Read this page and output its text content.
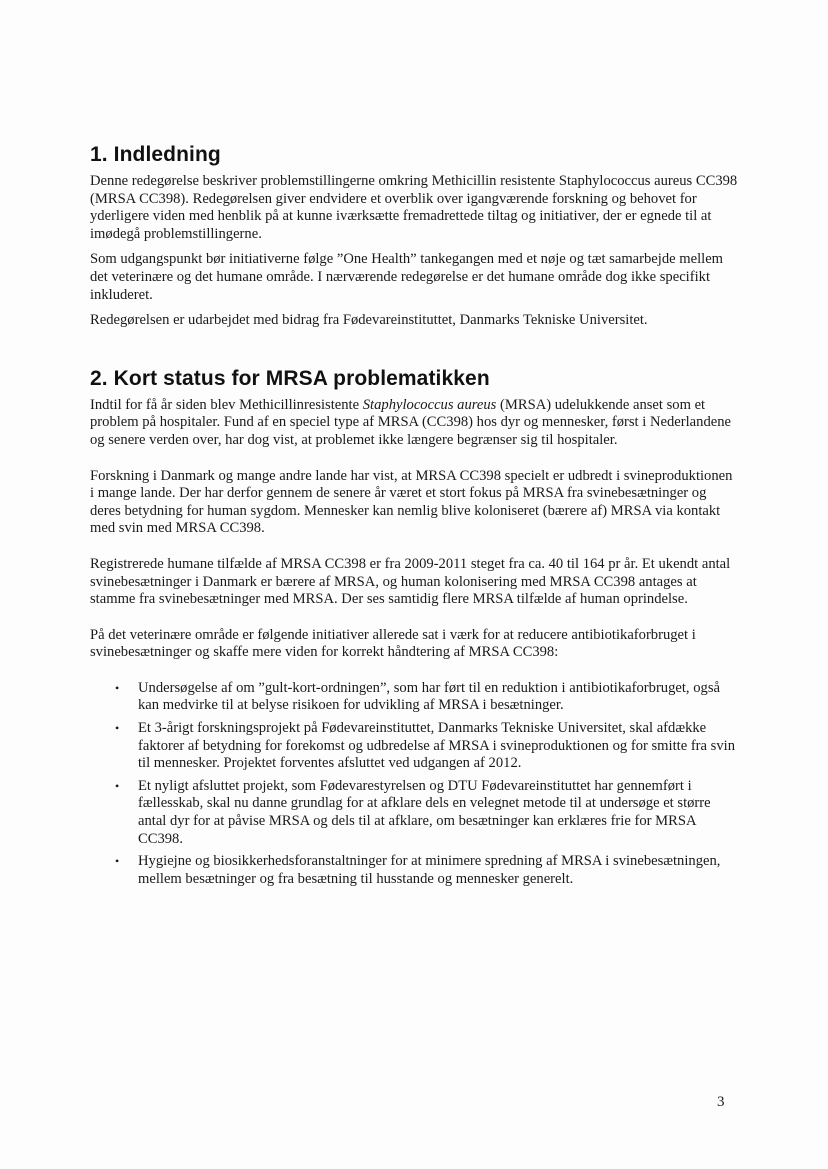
1. Indledning

Denne redegørelse beskriver problemstillingerne omkring Methicillin resistente Staphylococcus aureus CC398 (MRSA CC398). Redegørelsen giver endvidere et overblik over igangværende forskning og behovet for yderligere viden med henblik på at kunne iværksætte fremadrettede tiltag og initiativer, der er egnede til at imødegå problemstillingerne.

Som udgangspunkt bør initiativerne følge ”One Health” tankegangen med et nøje og tæt samarbejde mellem det veterinære og det humane område. I nærværende redegørelse er det humane område dog ikke specifikt inkluderet.

Redegørelsen er udarbejdet med bidrag fra Fødevareinstituttet, Danmarks Tekniske Universitet.

2. Kort status for MRSA problematikken

Indtil for få år siden blev Methicillinresistente Staphylococcus aureus (MRSA) udelukkende anset som et problem på hospitaler. Fund af en speciel type af MRSA (CC398) hos dyr og mennesker, først i Nederlandene og senere verden over, har dog vist, at problemet ikke længere begrænser sig til hospitaler.

Forskning i Danmark og mange andre lande har vist, at MRSA CC398 specielt er udbredt i svineproduktionen i mange lande. Der har derfor gennem de senere år været et stort fokus på MRSA fra svinebesætninger og deres betydning for human sygdom. Mennesker kan nemlig blive koloniseret (bærere af) MRSA via kontakt med svin med MRSA CC398.

Registrerede humane tilfælde af MRSA CC398 er fra 2009-2011 steget fra ca. 40 til 164 pr år. Et ukendt antal svinebesætninger i Danmark er bærere af MRSA, og human kolonisering med MRSA CC398 antages at stamme fra svinebesætninger med MRSA. Der ses samtidig flere MRSA tilfælde af human oprindelse.

På det veterinære område er følgende initiativer allerede sat i værk for at reducere antibiotikaforbruget i svinebesætninger og skaffe mere viden for korrekt håndtering af MRSA CC398:

• Undersøgelse af om ”gult-kort-ordningen”, som har ført til en reduktion i antibiotikaforbruget, også kan medvirke til at belyse risikoen for udvikling af MRSA i besætninger.
• Et 3-årigt forskningsprojekt på Fødevareinstituttet, Danmarks Tekniske Universitet, skal afdække faktorer af betydning for forekomst og udbredelse af MRSA i svineproduktionen og for smitte fra svin til mennesker. Projektet forventes afsluttet ved udgangen af 2012.
• Et nyligt afsluttet projekt, som Fødevarestyrelsen og DTU Fødevareinstituttet har gennemført i fællesskab, skal nu danne grundlag for at afklare dels en velegnet metode til at undersøge et større antal dyr for at påvise MRSA og dels til at afklare, om besætninger kan erklæres frie for MRSA CC398.
• Hygiejne og biosikkerhedsforanstaltninger for at minimere spredning af MRSA i svinebesætningen, mellem besætninger og fra besætning til husstande og mennesker generelt.
3
